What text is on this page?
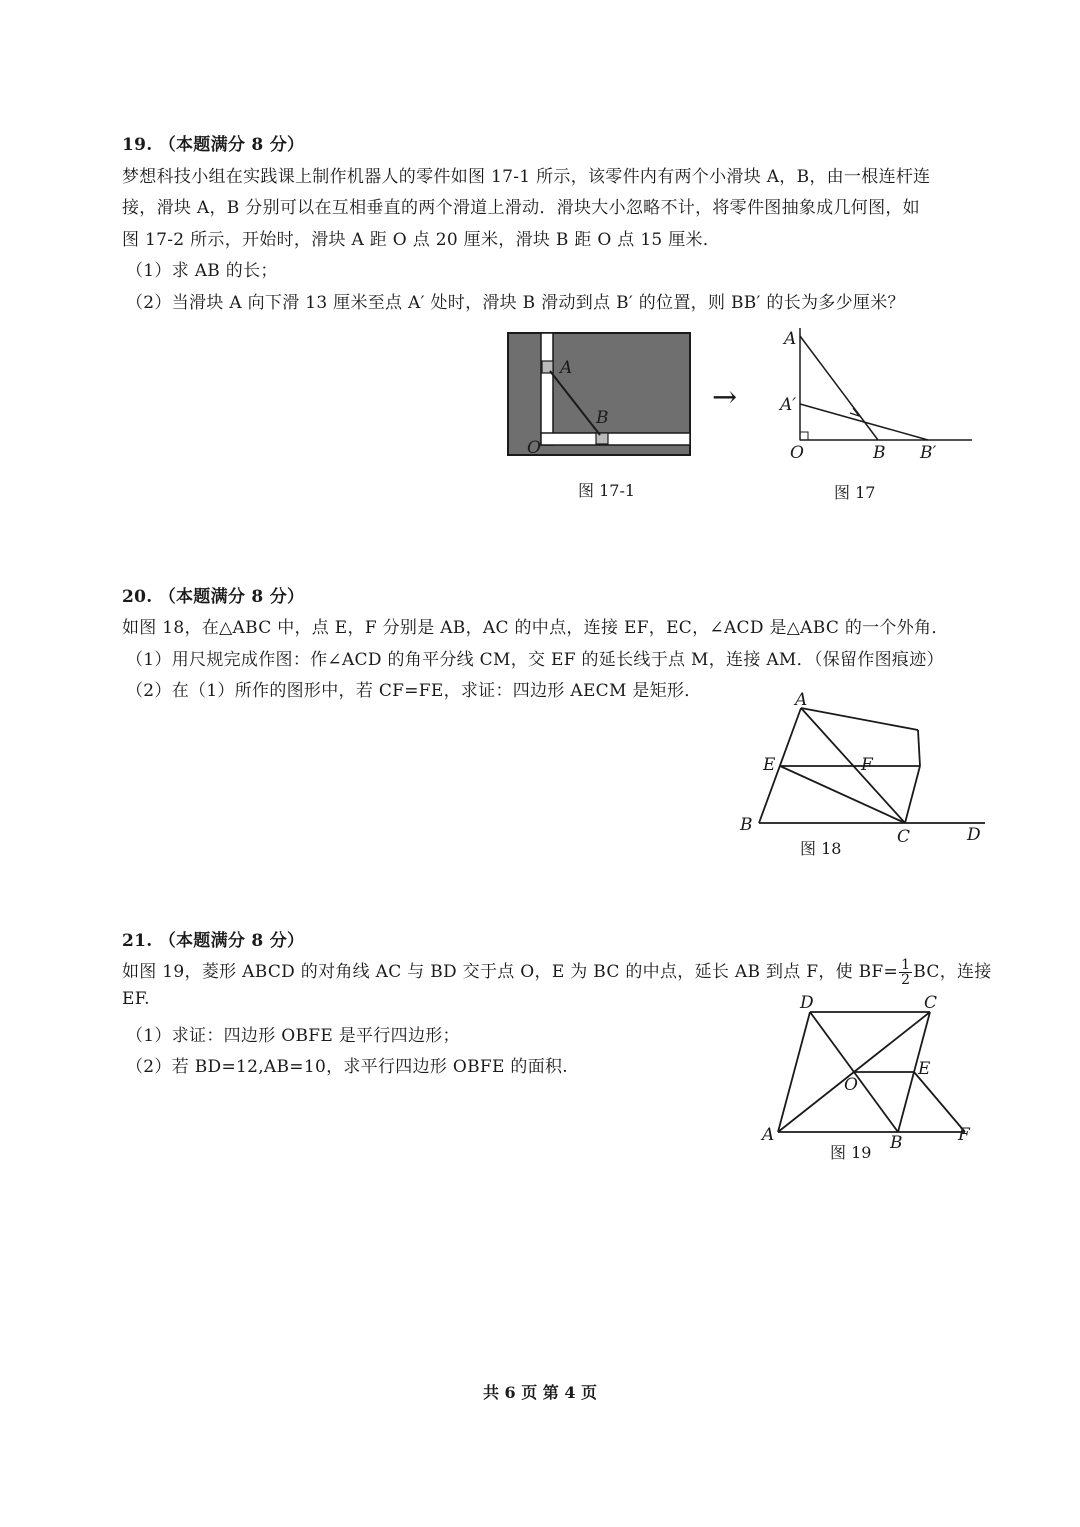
19. （本题满分 8 分）
梦想科技小组在实践课上制作机器人的零件如图 17-1 所示，该零件内有两个小滑块 A，B，由一根连杆连
接，滑块 A，B 分别可以在互相垂直的两个滑道上滑动．滑块大小忽略不计，将零件图抽象成几何图，如
图 17-2 所示，开始时，滑块 A 距 O 点 20 厘米，滑块 B 距 O 点 15 厘米．
（1）求 AB 的长；
（2）当滑块 A 向下滑 13 厘米至点 A′ 处时，滑块 B 滑动到点 B′ 的位置，则 BB′ 的长为多少厘米？
A
B
O
图 17-1
→
A
A′
O	B B′
图 17
20. （本题满分 8 分）
如图 18，在△ABC 中，点 E，F 分别是 AB，AC 的中点，连接 EF，EC，∠ACD 是△ABC 的一个外角．
（1）用尺规完成作图：作∠ACD 的角平分线 CM，交 EF 的延长线于点 M，连接 AM．（保留作图痕迹）
（2）在（1）所作的图形中，若 CF=FE，求证：四边形 AECM 是矩形．	A
E	F
B
C	D
图 18
21. （本题满分 8 分）
如图 19，菱形 ABCD 的对角线 AC 与 BD 交于点 O，E 为 BC 的中点，延长 AB 到点 F，使 $BF= \frac{1}{2}$ BC，连接
EF.
（1）求证：四边形 OBFE 是平行四边形；
（2）若 BD=12,AB=10，求平行四边形 OBFE 的面积.
D	C
O
E
A	B	F
图 19
共 6 页 第 4 页
